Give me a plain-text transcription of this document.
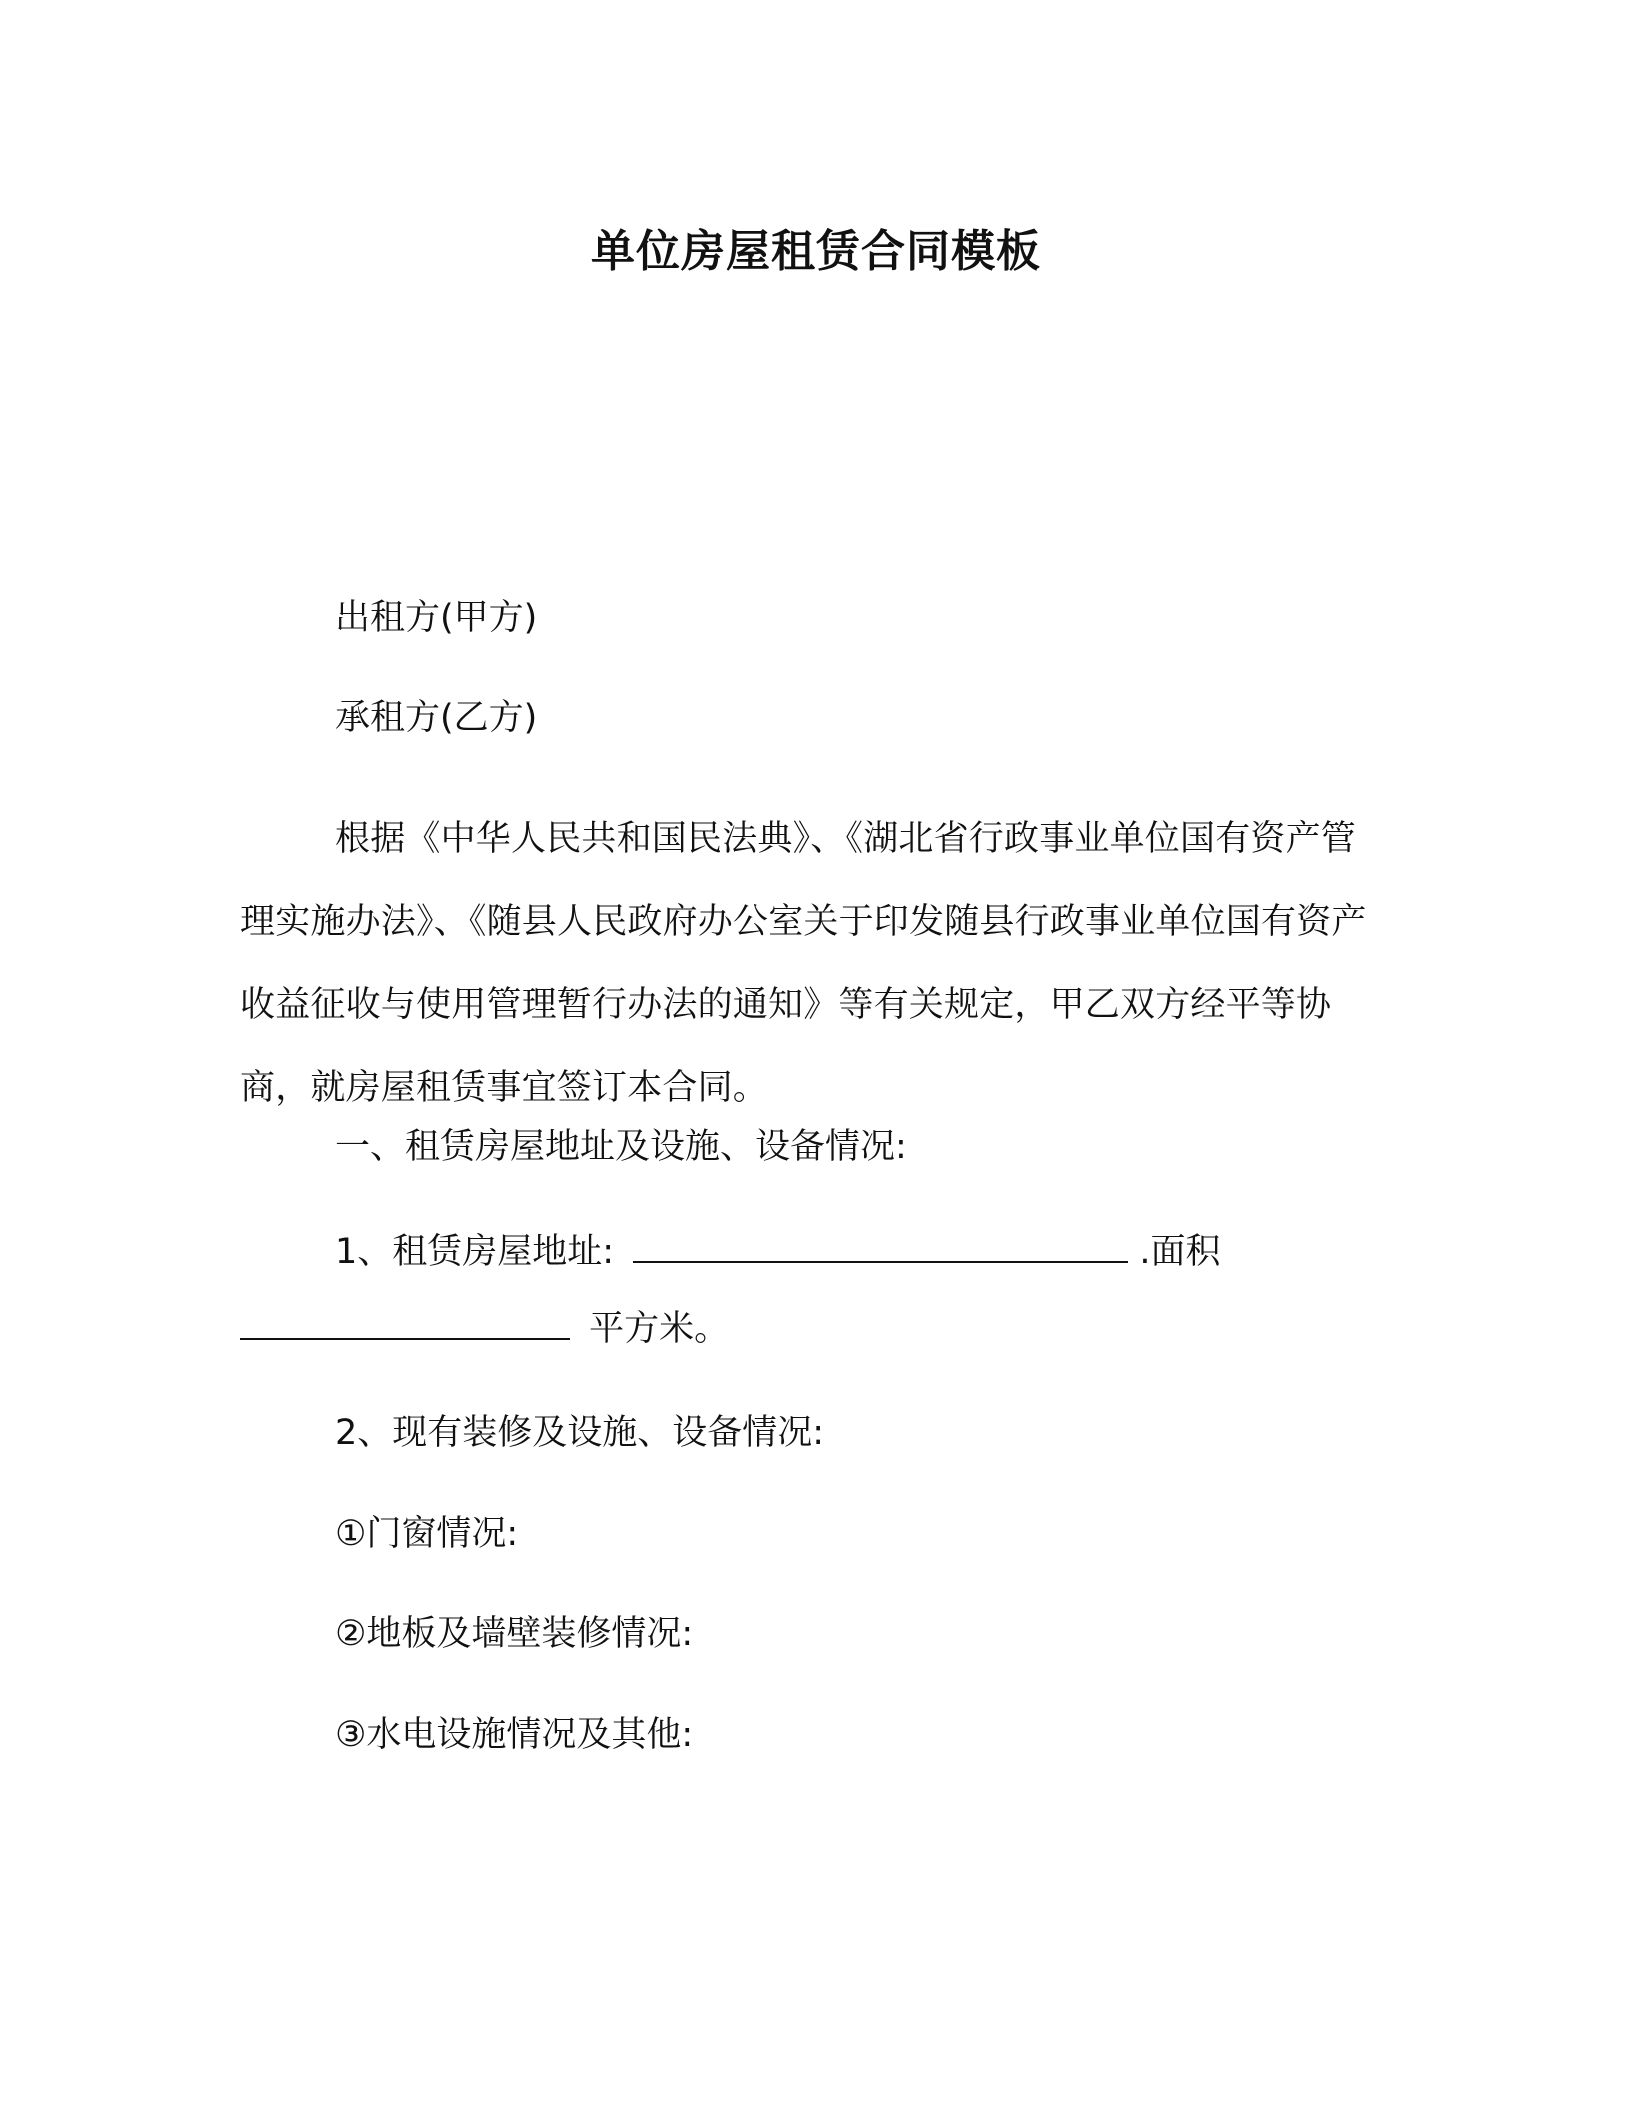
单位房屋租赁合同模板
出租方(甲方)
承租方(乙方)
根据《中华人民共和国民法典》、《湖北省行政事业单位国有资产管理实施办法》、《随县人民政府办公室关于印发随县行政事业单位国有资产收益征收与使用管理暂行办法的通知》等有关规定，甲乙双方经平等协商，就房屋租赁事宜签订本合同。
一、租赁房屋地址及设施、设备情况:
1、租赁房屋地址:	.面积
平方米。
2、现有装修及设施、设备情况:
①门窗情况:
②地板及墙壁装修情况:
③水电设施情况及其他:
